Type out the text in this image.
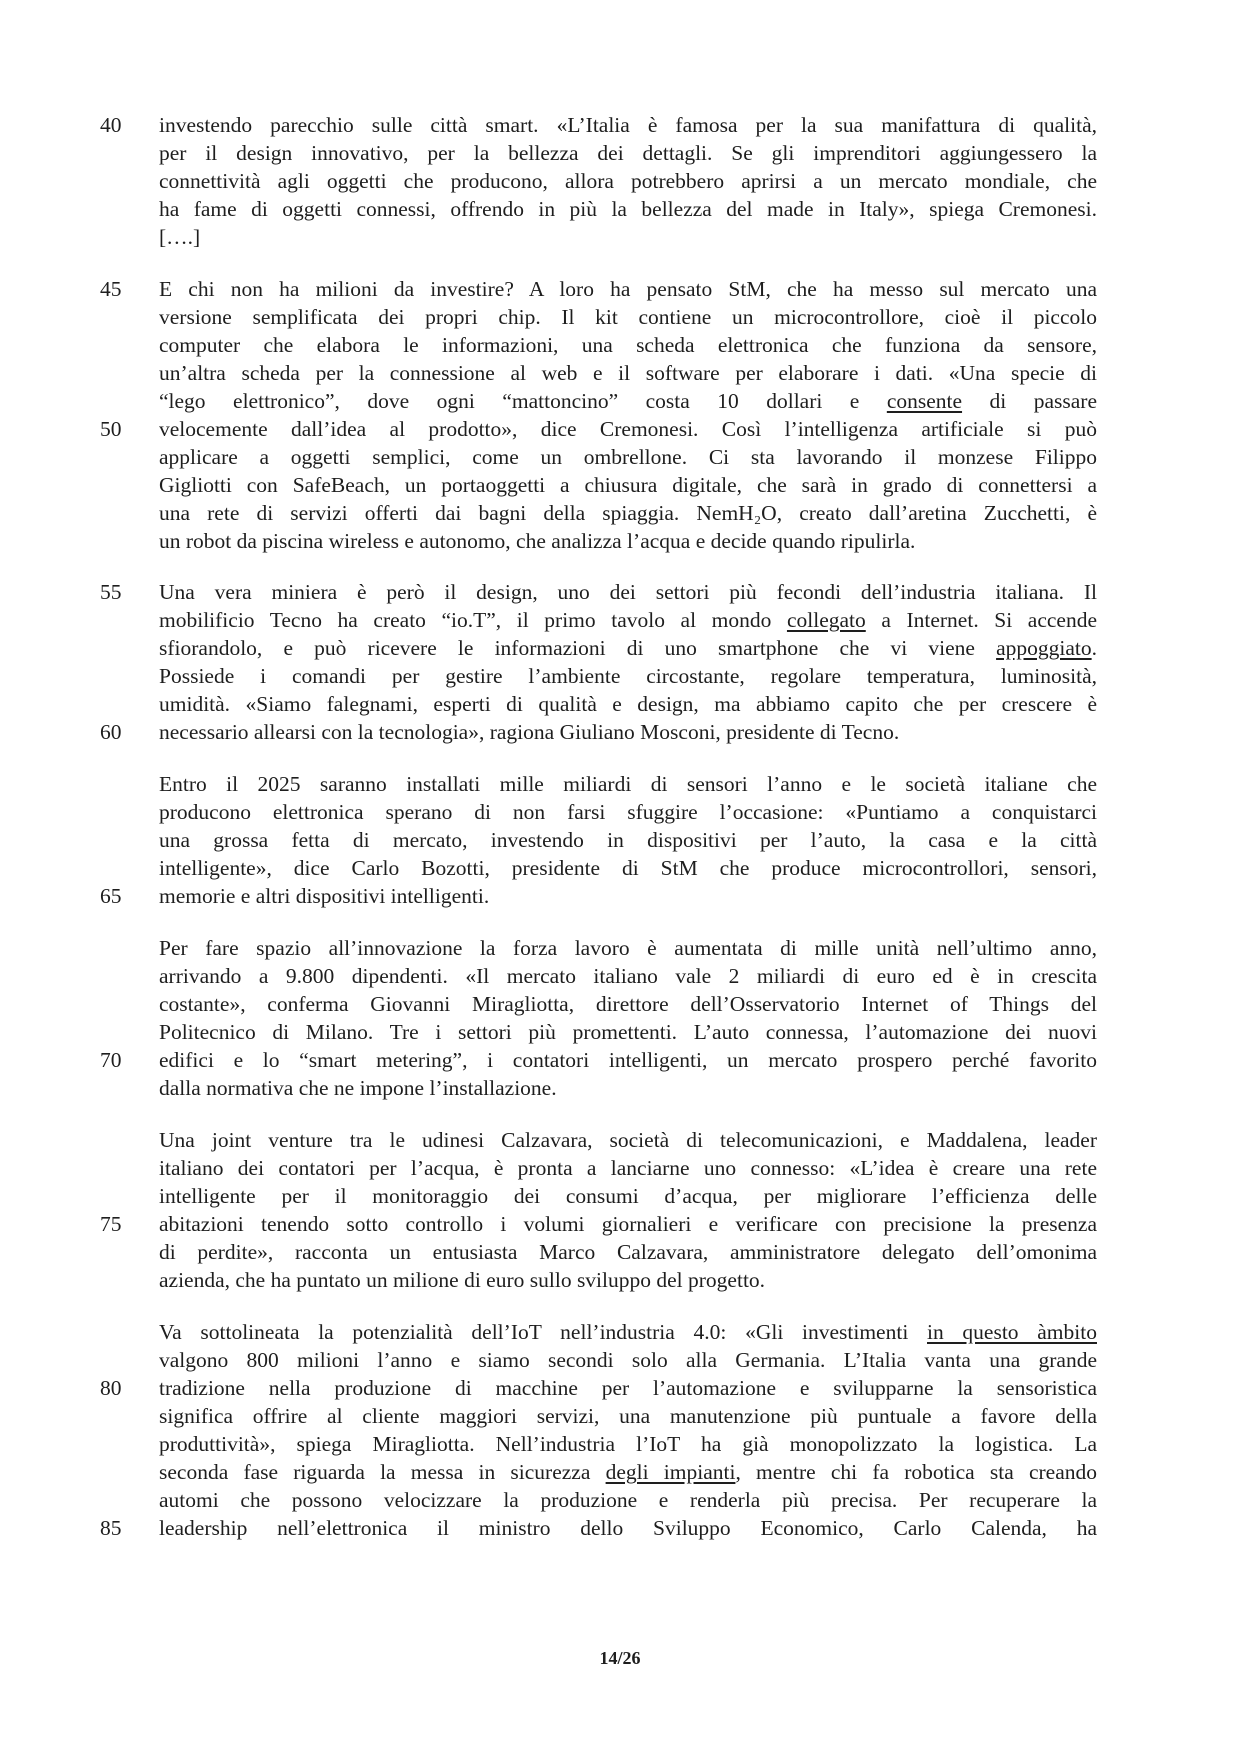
investendo parecchio sulle città smart. «L’Italia è famosa per la sua manifattura di qualità,
per il design innovativo, per la bellezza dei dettagli. Se gli imprenditori aggiungessero la
connettività agli oggetti che producono, allora potrebbero aprirsi a un mercato mondiale, che
ha fame di oggetti connessi, offrendo in più la bellezza del made in Italy», spiega Cremonesi.
[….]
E chi non ha milioni da investire? A loro ha pensato StM, che ha messo sul mercato una
versione semplificata dei propri chip. Il kit contiene un microcontrollore, cioè il piccolo
computer che elabora le informazioni, una scheda elettronica che funziona da sensore,
un’altra scheda per la connessione al web e il software per elaborare i dati. «Una specie di
“lego elettronico”, dove ogni “mattoncino” costa 10 dollari e consente di passare
velocemente dall’idea al prodotto», dice Cremonesi. Così l’intelligenza artificiale si può
applicare a oggetti semplici, come un ombrellone. Ci sta lavorando il monzese Filippo
Gigliotti con SafeBeach, un portaoggetti a chiusura digitale, che sarà in grado di connettersi a
una rete di servizi offerti dai bagni della spiaggia. NemH₂O, creato dall’aretina Zucchetti, è
un robot da piscina wireless e autonomo, che analizza l’acqua e decide quando ripulirla.
Una vera miniera è però il design, uno dei settori più fecondi dell’industria italiana. Il
mobilificio Tecno ha creato “io.T”, il primo tavolo al mondo collegato a Internet. Si accende
sfiorandolo, e può ricevere le informazioni di uno smartphone che vi viene appoggiato.
Possiede i comandi per gestire l’ambiente circostante, regolare temperatura, luminosità,
umidità. «Siamo falegnami, esperti di qualità e design, ma abbiamo capito che per crescere è
necessario allearsi con la tecnologia», ragiona Giuliano Mosconi, presidente di Tecno.
Entro il 2025 saranno installati mille miliardi di sensori l’anno e le società italiane che
producono elettronica sperano di non farsi sfuggire l’occasione: «Puntiamo a conquistarci
una grossa fetta di mercato, investendo in dispositivi per l’auto, la casa e la città
intelligente», dice Carlo Bozotti, presidente di StM che produce microcontrollori, sensori,
memorie e altri dispositivi intelligenti.
Per fare spazio all’innovazione la forza lavoro è aumentata di mille unità nell’ultimo anno,
arrivando a 9.800 dipendenti. «Il mercato italiano vale 2 miliardi di euro ed è in crescita
costante», conferma Giovanni Miragliotta, direttore dell’Osservatorio Internet of Things del
Politecnico di Milano. Tre i settori più promettenti. L’auto connessa, l’automazione dei nuovi
edifici e lo “smart metering”, i contatori intelligenti, un mercato prospero perché favorito
dalla normativa che ne impone l’installazione.
Una joint venture tra le udinesi Calzavara, società di telecomunicazioni, e Maddalena, leader
italiano dei contatori per l’acqua, è pronta a lanciarne uno connesso: «L’idea è creare una rete
intelligente per il monitoraggio dei consumi d’acqua, per migliorare l’efficienza delle
abitazioni tenendo sotto controllo i volumi giornalieri e verificare con precisione la presenza
di perdite», racconta un entusiasta Marco Calzavara, amministratore delegato dell’omonima
azienda, che ha puntato un milione di euro sullo sviluppo del progetto.
Va sottolineata la potenzialità dell’IoT nell’industria 4.0: «Gli investimenti in questo àmbito
valgono 800 milioni l’anno e siamo secondi solo alla Germania. L’Italia vanta una grande
tradizione nella produzione di macchine per l’automazione e svilupparne la sensoristica
significa offrire al cliente maggiori servizi, una manutenzione più puntuale a favore della
produttività», spiega Miragliotta. Nell’industria l’IoT ha già monopolizzato la logistica. La
seconda fase riguarda la messa in sicurezza degli impianti, mentre chi fa robotica sta creando
automi che possono velocizzare la produzione e renderla più precisa. Per recuperare la
leadership nell’elettronica il ministro dello Sviluppo Economico, Carlo Calenda, ha
40
45
50
55
60
65
70
75
80
85
14/26
